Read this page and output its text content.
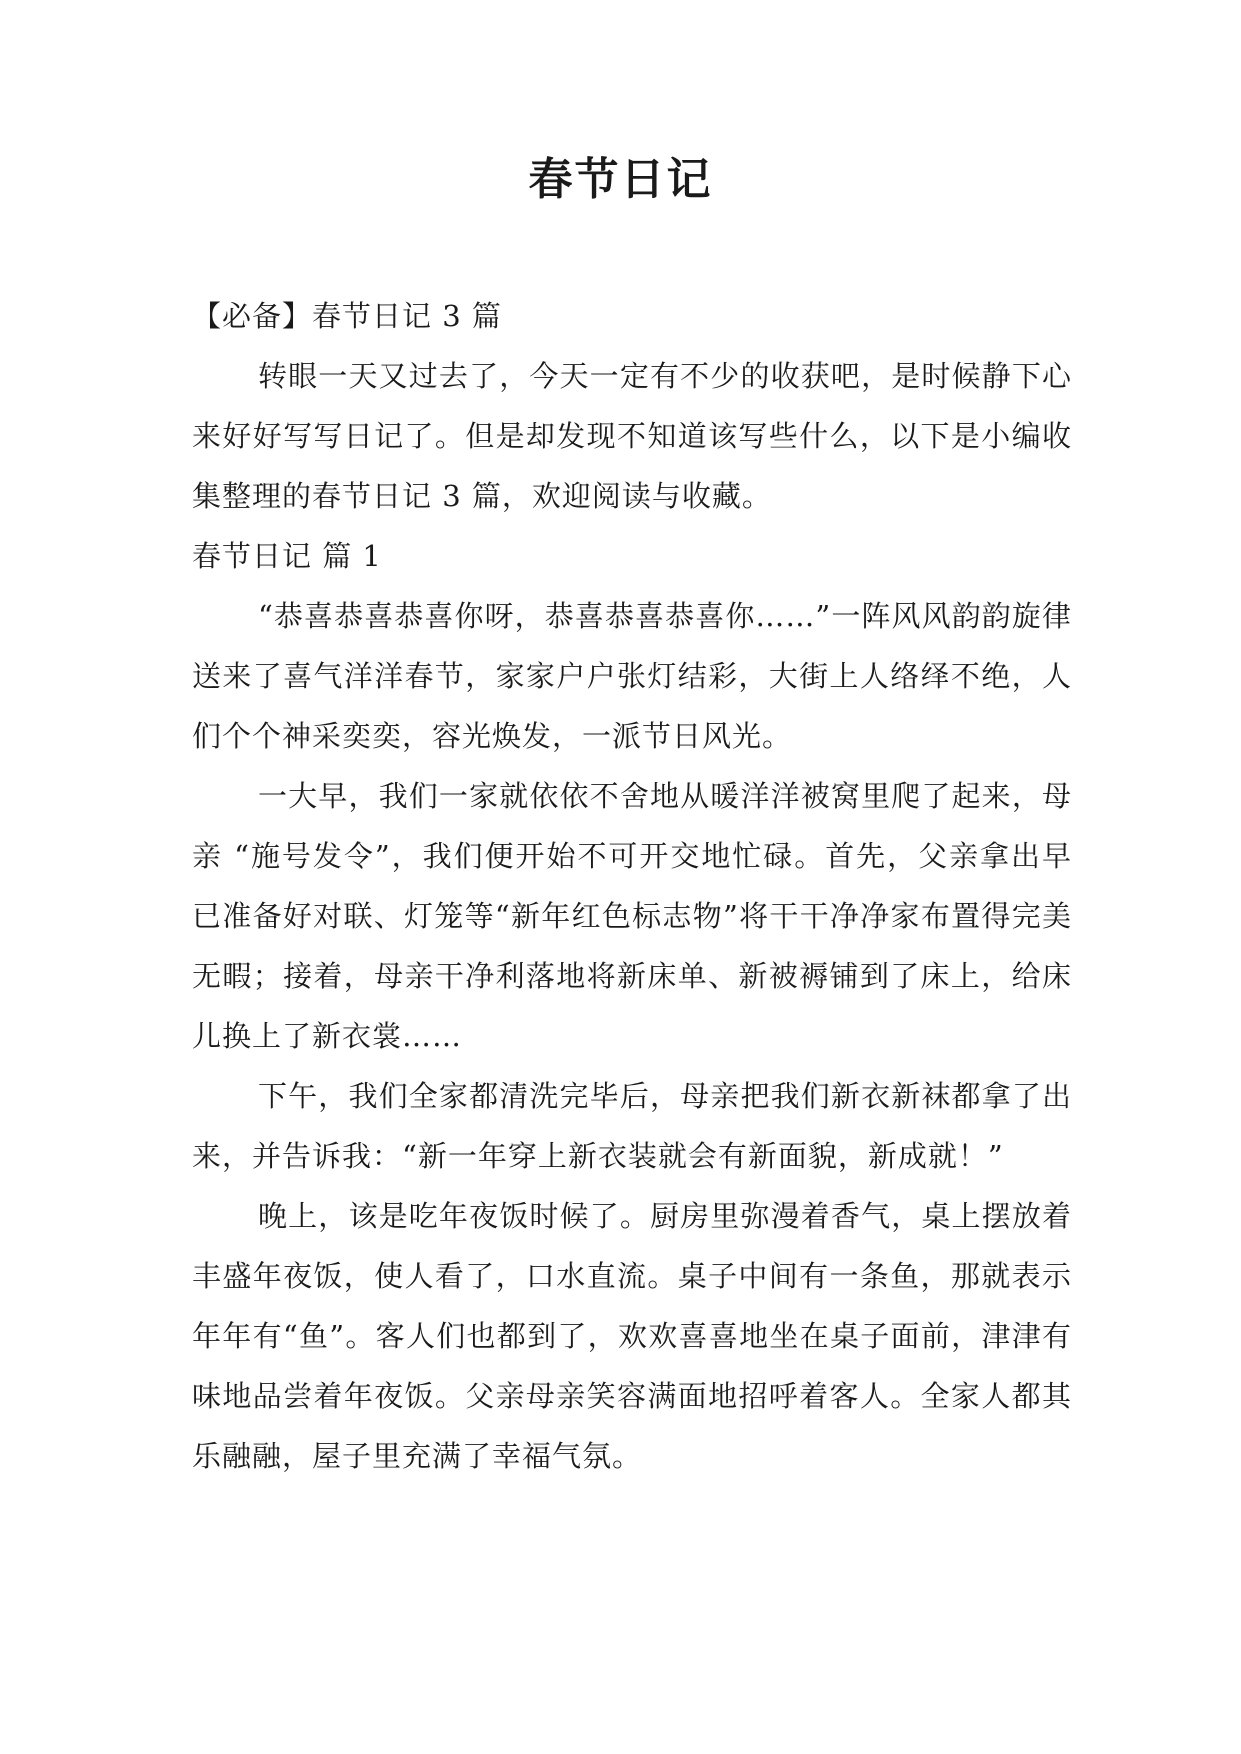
春节日记

【必备】春节日记 3 篇

转眼一天又过去了，今天一定有不少的收获吧，是时候静下心来好好写写日记了。但是却发现不知道该写些什么，以下是小编收集整理的春节日记 3 篇，欢迎阅读与收藏。

春节日记 篇 1

“恭喜恭喜恭喜你呀，恭喜恭喜恭喜你……”一阵风风韵韵旋律送来了喜气洋洋春节，家家户户张灯结彩，大街上人络绎不绝，人们个个神采奕奕，容光焕发，一派节日风光。

一大早，我们一家就依依不舍地从暖洋洋被窝里爬了起来，母亲 “施号发令”，我们便开始不可开交地忙碌。首先，父亲拿出早已准备好对联、灯笼等“新年红色标志物”将干干净净家布置得完美无暇；接着，母亲干净利落地将新床单、新被褥铺到了床上，给床儿换上了新衣裳……

下午，我们全家都清洗完毕后，母亲把我们新衣新袜都拿了出来，并告诉我：“新一年穿上新衣装就会有新面貌，新成就！”

晚上，该是吃年夜饭时候了。厨房里弥漫着香气，桌上摆放着丰盛年夜饭，使人看了，口水直流。桌子中间有一条鱼，那就表示年年有“鱼”。客人们也都到了，欢欢喜喜地坐在桌子面前，津津有味地品尝着年夜饭。父亲母亲笑容满面地招呼着客人。全家人都其乐融融，屋子里充满了幸福气氛。
